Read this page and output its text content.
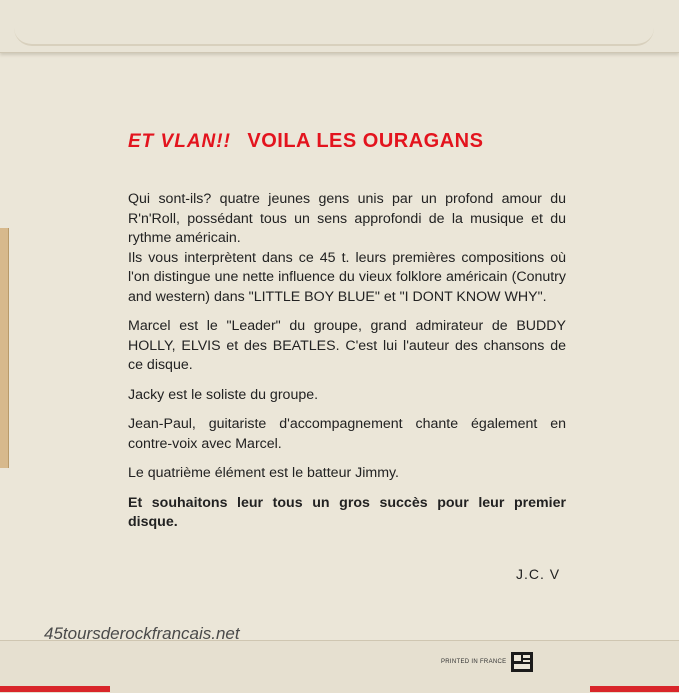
ET VLAN!! VOILA LES OURAGANS

Qui sont-ils? quatre jeunes gens unis par un profond amour du R'n'Roll, possédant tous un sens approfondi de la musique et du rythme américain.

Ils vous interprètent dans ce 45 t. leurs premières compositions où l'on distingue une nette influence du vieux folklore américain (Conutry and western) dans "LITTLE BOY BLUE" et "I DONT KNOW WHY".

Marcel est le "Leader" du groupe, grand admirateur de BUDDY HOLLY, ELVIS et des BEATLES. C'est lui l'auteur des chansons de ce disque.

Jacky est le soliste du groupe.

Jean-Paul, guitariste d'accompagnement chante également en contre-voix avec Marcel.

Le quatrième élément est le batteur Jimmy.

Et souhaitons leur tous un gros succès pour leur premier disque.

J.C. V
45toursderockfrancais.net
PRINTED IN FRANCE
